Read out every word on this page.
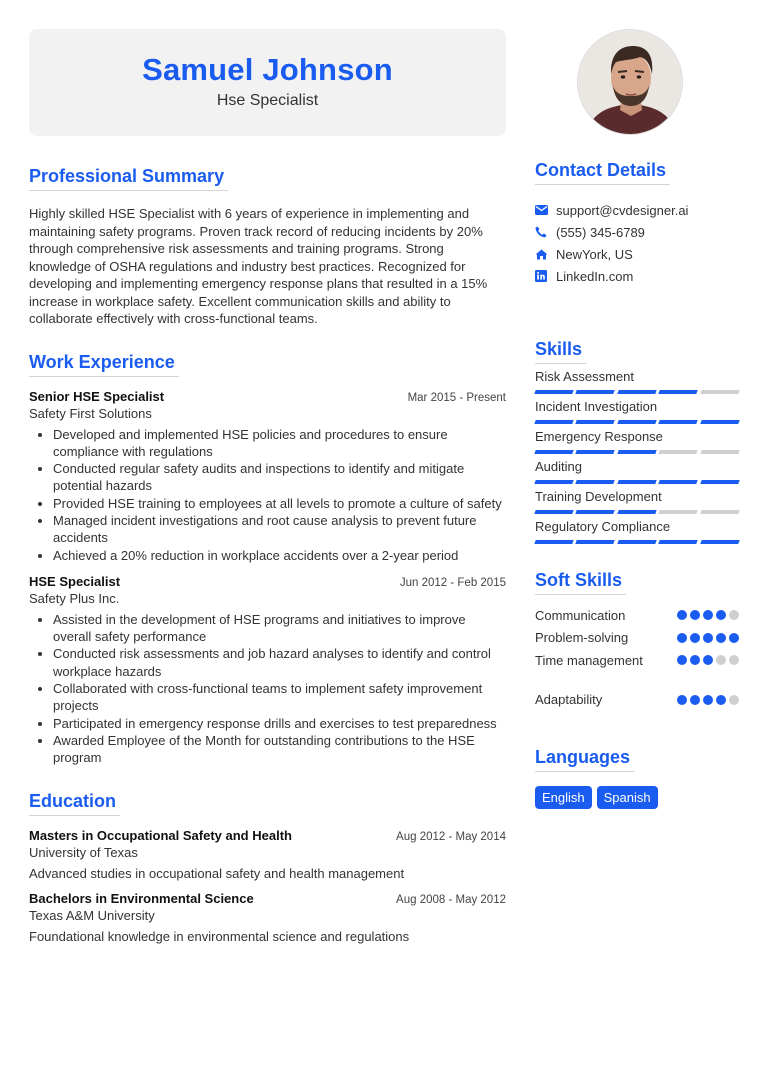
Samuel Johnson
Hse Specialist
Professional Summary

Highly skilled HSE Specialist with 6 years of experience in implementing and maintaining safety programs. Proven track record of reducing incidents by 20% through comprehensive risk assessments and training programs. Strong knowledge of OSHA regulations and industry best practices. Recognized for developing and implementing emergency response plans that resulted in a 15% increase in workplace safety. Excellent communication skills and ability to collaborate effectively with cross-functional teams.

Work Experience
Senior HSE Specialist	Mar 2015 - Present
Safety First Solutions
• Developed and implemented HSE policies and procedures to ensure compliance with regulations
• Conducted regular safety audits and inspections to identify and mitigate potential hazards
• Provided HSE training to employees at all levels to promote a culture of safety
• Managed incident investigations and root cause analysis to prevent future accidents
• Achieved a 20% reduction in workplace accidents over a 2-year period
HSE Specialist	Jun 2012 - Feb 2015
Safety Plus Inc.
• Assisted in the development of HSE programs and initiatives to improve overall safety performance
• Conducted risk assessments and job hazard analyses to identify and control workplace hazards
• Collaborated with cross-functional teams to implement safety improvement projects
• Participated in emergency response drills and exercises to test preparedness
• Awarded Employee of the Month for outstanding contributions to the HSE program
Education
Masters in Occupational Safety and Health	Aug 2012 - May 2014
University of Texas
Advanced studies in occupational safety and health management
Bachelors in Environmental Science	Aug 2008 - May 2012
Texas A&M University
Foundational knowledge in environmental science and regulations
Contact Details
support@cvdesigner.ai
(555) 345-6789
NewYork, US
LinkedIn.com
Skills
Risk Assessment
Incident Investigation
Emergency Response
Auditing
Training Development
Regulatory Compliance
Soft Skills
Communication
Problem-solving
Time management
Adaptability
Languages
English	Spanish
